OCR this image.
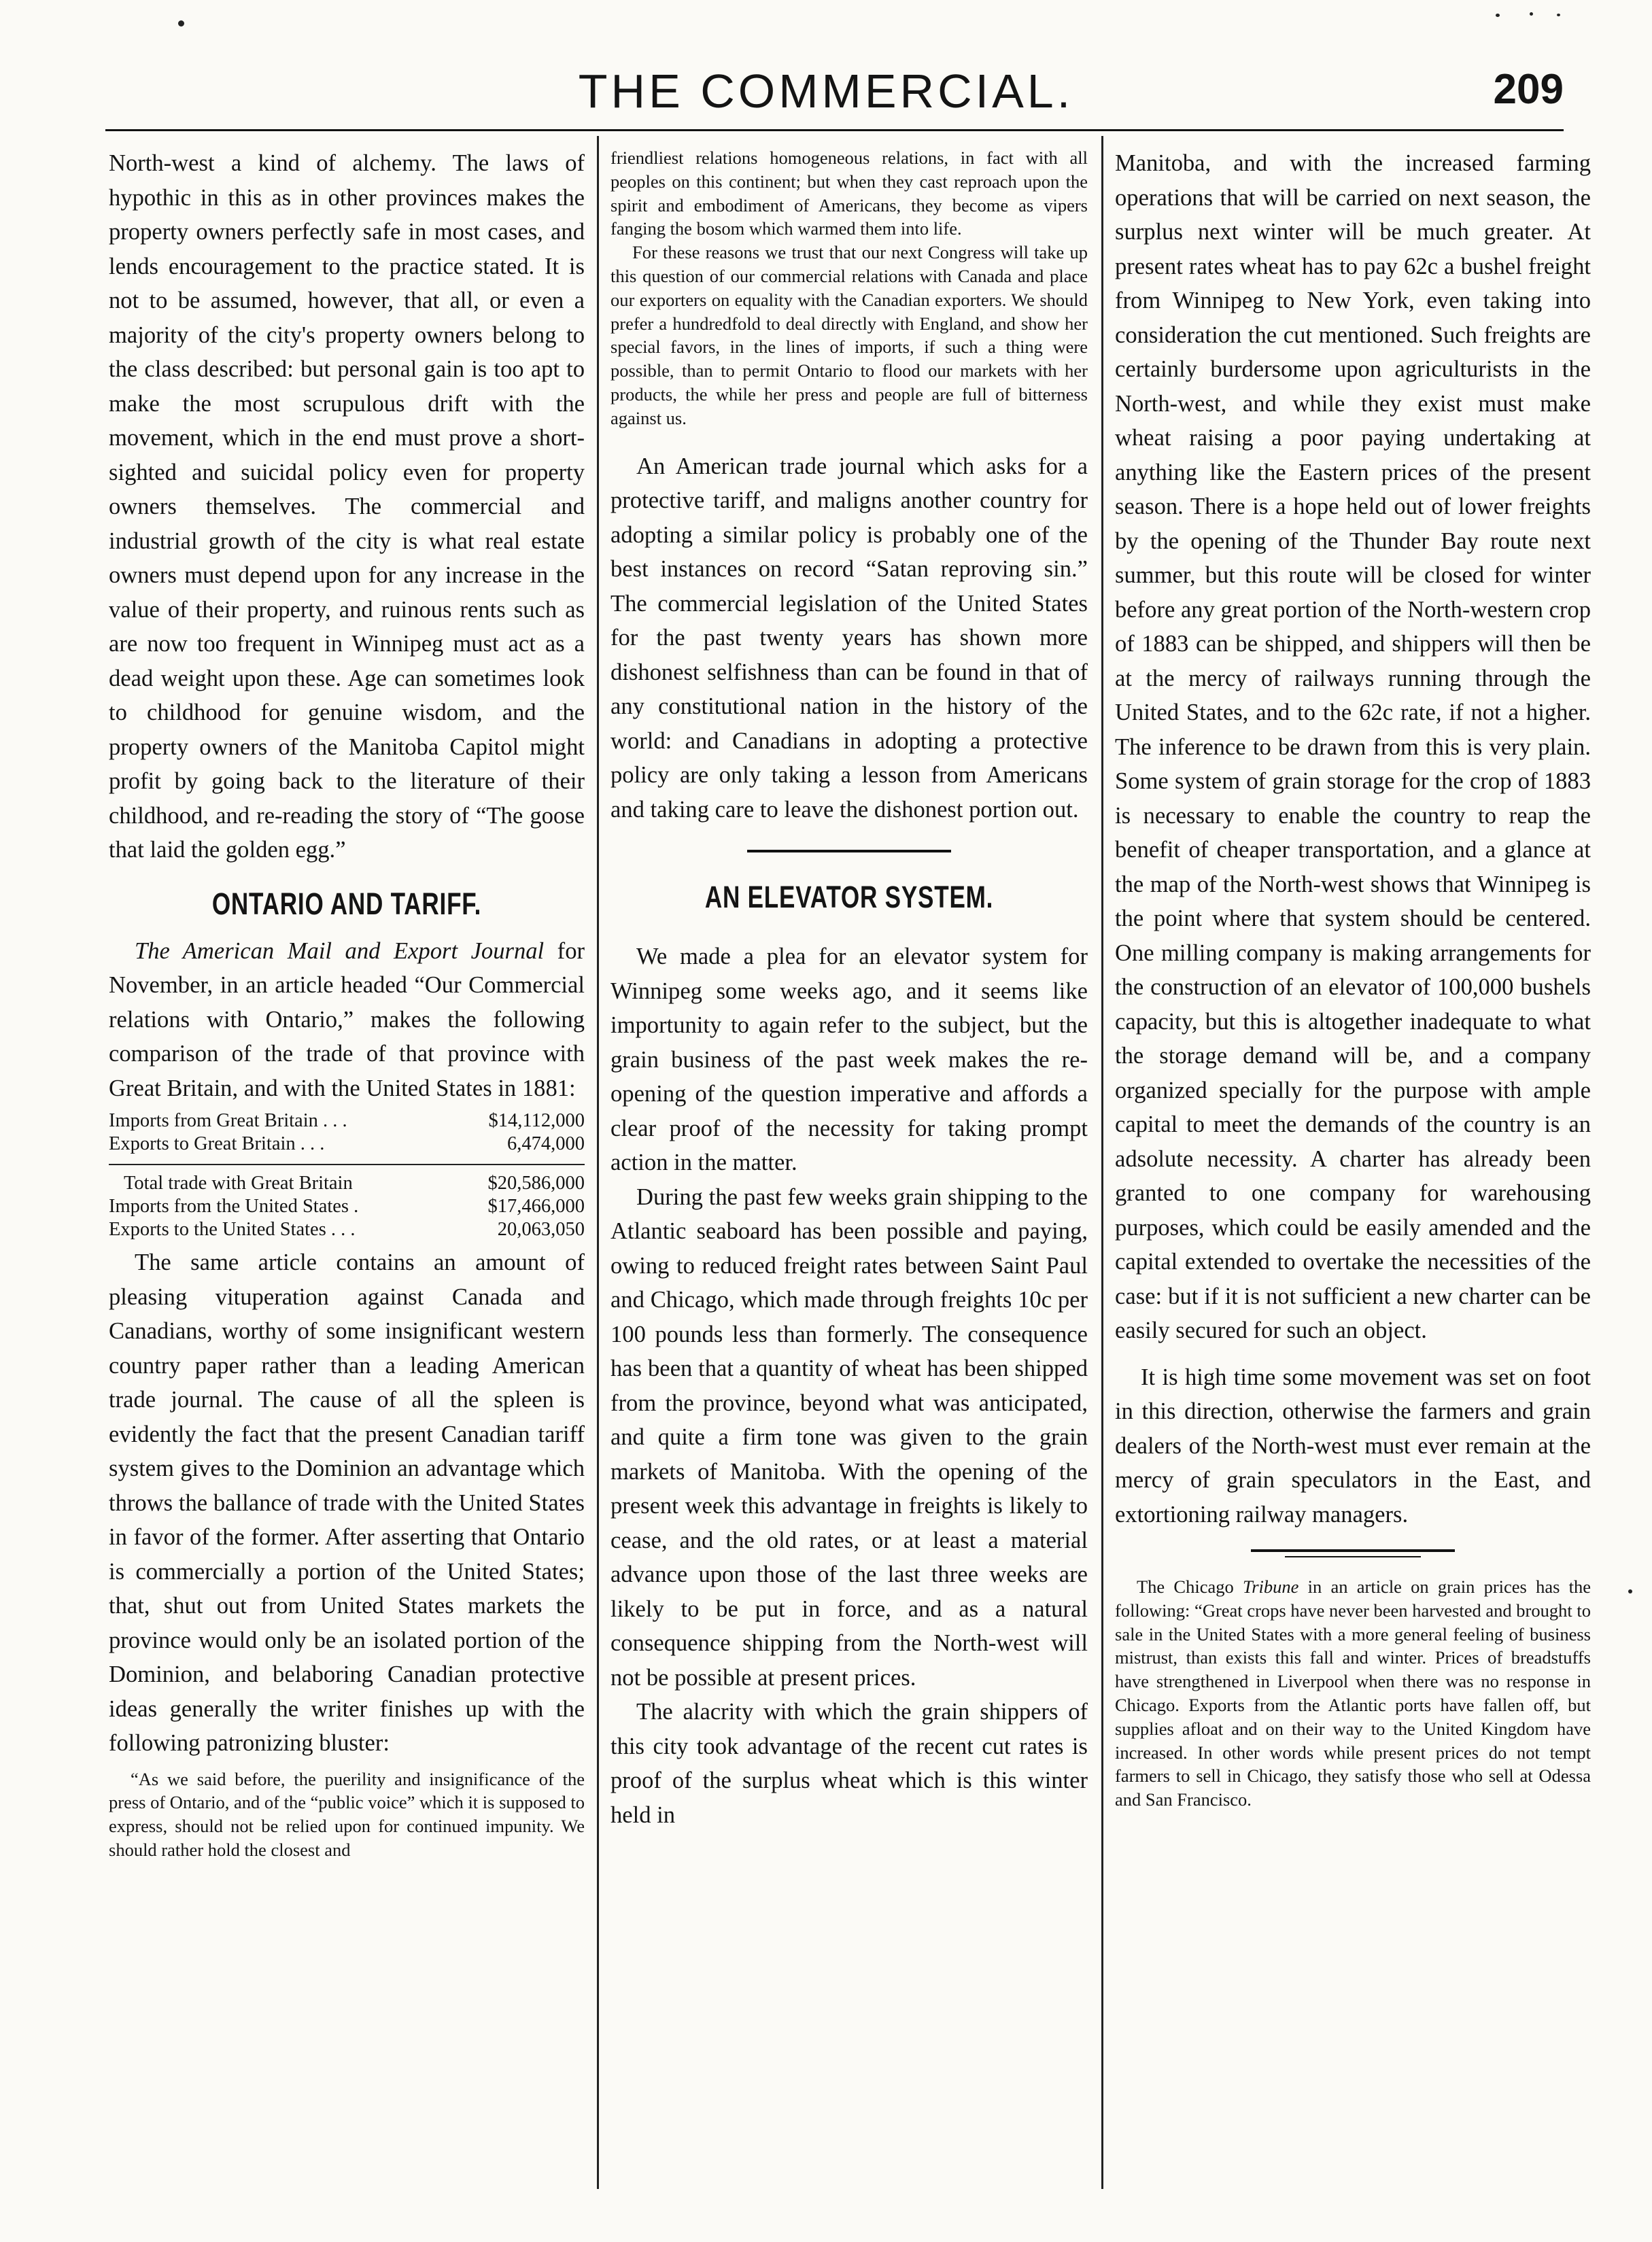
THE COMMERCIAL.	209

North-west a kind of alchemy. The laws of hypothic in this as in other provinces makes the property owners perfectly safe in most cases, and lends encouragement to the practice stated. It is not to be assumed, however, that all, or even a majority of the city's property owners belong to the class described: but personal gain is too apt to make the most scrupulous drift with the movement, which in the end must prove a short-sighted and suicidal policy even for property owners themselves. The commercial and industrial growth of the city is what real estate owners must depend upon for any increase in the value of their property, and ruinous rents such as are now too frequent in Winnipeg must act as a dead weight upon these. Age can sometimes look to childhood for genuine wisdom, and the property owners of the Manitoba Capitol might profit by going back to the literature of their childhood, and re-reading the story of “The goose that laid the golden egg.”

ONTARIO AND TARIFF.

The American Mail and Export Journal for November, in an article headed “Our Commercial relations with Ontario,” makes the following comparison of the trade of that province with Great Britain, and with the United States in 1881:

Imports from Great Britain . . .	$14,112,000
Exports to Great Britain . . .	6,474,000
Total trade with Great Britain	$20,586,000
Imports from the United States .	$17,466,000
Exports to the United States . . .	20,063,050

The same article contains an amount of pleasing vituperation against Canada and Canadians, worthy of some insignificant western country paper rather than a leading American trade journal. The cause of all the spleen is evidently the fact that the present Canadian tariff system gives to the Dominion an advantage which throws the ballance of trade with the United States in favor of the former. After asserting that Ontario is commercially a portion of the United States; that, shut out from United States markets the province would only be an isolated portion of the Dominion, and belaboring Canadian protective ideas generally the writer finishes up with the following patronizing bluster:

“As we said before, the puerility and insignificance of the press of Ontario, and of the “public voice” which it is supposed to express, should not be relied upon for continued impunity. We should rather hold the closest and

friendliest relations homogeneous relations, in fact with all peoples on this continent; but when they cast reproach upon the spirit and embodiment of Americans, they become as vipers fanging the bosom which warmed them into life.

For these reasons we trust that our next Congress will take up this question of our commercial relations with Canada and place our exporters on equality with the Canadian exporters. We should prefer a hundredfold to deal directly with England, and show her special favors, in the lines of imports, if such a thing were possible, than to permit Ontario to flood our markets with her products, the while her press and people are full of bitterness against us.

An American trade journal which asks for a protective tariff, and maligns another country for adopting a similar policy is probably one of the best instances on record “Satan reproving sin.” The commercial legislation of the United States for the past twenty years has shown more dishonest selfishness than can be found in that of any constitutional nation in the history of the world: and Canadians in adopting a protective policy are only taking a lesson from Americans and taking care to leave the dishonest portion out.

AN ELEVATOR SYSTEM.

We made a plea for an elevator system for Winnipeg some weeks ago, and it seems like importunity to again refer to the subject, but the grain business of the past week makes the re-opening of the question imperative and affords a clear proof of the necessity for taking prompt action in the matter.

During the past few weeks grain shipping to the Atlantic seaboard has been possible and paying, owing to reduced freight rates between Saint Paul and Chicago, which made through freights 10c per 100 pounds less than formerly. The consequence has been that a quantity of wheat has been shipped from the province, beyond what was anticipated, and quite a firm tone was given to the grain markets of Manitoba. With the opening of the present week this advantage in freights is likely to cease, and the old rates, or at least a material advance upon those of the last three weeks are likely to be put in force, and as a natural consequence shipping from the North-west will not be possible at present prices.

The alacrity with which the grain shippers of this city took advantage of the recent cut rates is proof of the surplus wheat which is this winter held in

Manitoba, and with the increased farming operations that will be carried on next season, the surplus next winter will be much greater. At present rates wheat has to pay 62c a bushel freight from Winnipeg to New York, even taking into consideration the cut mentioned. Such freights are certainly burdersome upon agriculturists in the North-west, and while they exist must make wheat raising a poor paying undertaking at anything like the Eastern prices of the present season. There is a hope held out of lower freights by the opening of the Thunder Bay route next summer, but this route will be closed for winter before any great portion of the North-western crop of 1883 can be shipped, and shippers will then be at the mercy of railways running through the United States, and to the 62c rate, if not a higher. The inference to be drawn from this is very plain. Some system of grain storage for the crop of 1883 is necessary to enable the country to reap the benefit of cheaper transportation, and a glance at the map of the North-west shows that Winnipeg is the point where that system should be centered. One milling company is making arrangements for the construction of an elevator of 100,000 bushels capacity, but this is altogether inadequate to what the storage demand will be, and a company organized specially for the purpose with ample capital to meet the demands of the country is an adsolute necessity. A charter has already been granted to one company for warehousing purposes, which could be easily amended and the capital extended to overtake the necessities of the case: but if it is not sufficient a new charter can be easily secured for such an object.

It is high time some movement was set on foot in this direction, otherwise the farmers and grain dealers of the North-west must ever remain at the mercy of grain speculators in the East, and extortioning railway managers.

The Chicago Tribune in an article on grain prices has the following: “Great crops have never been harvested and brought to sale in the United States with a more general feeling of business mistrust, than exists this fall and winter. Prices of breadstuffs have strengthened in Liverpool when there was no response in Chicago. Exports from the Atlantic ports have fallen off, but supplies afloat and on their way to the United Kingdom have increased. In other words while present prices do not tempt farmers to sell in Chicago, they satisfy those who sell at Odessa and San Francisco.
